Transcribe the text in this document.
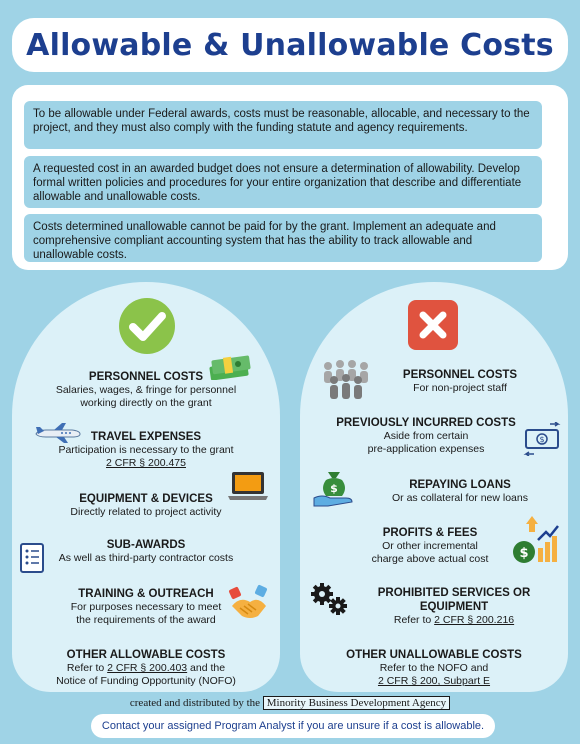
Allowable & Unallowable Costs
To be allowable under Federal awards, costs must be reasonable, allocable, and necessary to the project, and they must also comply with the funding statute and agency requirements.
A requested cost in an awarded budget does not ensure a determination of allowability. Develop formal written policies and procedures for your entire organization that describe and differentiate allowable and unallowable costs.
Costs determined unallowable cannot be paid for by the grant. Implement an adequate and comprehensive compliant accounting system that has the ability to track allowable and unallowable costs.
PERSONNEL COSTS
Salaries, wages, & fringe for personnel
working directly on the grant
TRAVEL EXPENSES
Participation is necessary to the grant
2 CFR § 200.475
EQUIPMENT & DEVICES
Directly related to project activity
SUB-AWARDS
As well as third-party contractor costs
TRAINING & OUTREACH
For purposes necessary to meet
the requirements of the award
OTHER ALLOWABLE COSTS
Refer to 2 CFR § 200.403 and the
Notice of Funding Opportunity (NOFO)
PERSONNEL COSTS
For non-project staff
PREVIOUSLY INCURRED COSTS
Aside from certain
pre-application expenses
$
$	REPAYING LOANS
Or as collateral for new loans
PROFITS & FEES
Or other incremental
charge above actual cost	$
PROHIBITED SERVICES OR
EQUIPMENT
Refer to 2 CFR § 200.216
OTHER UNALLOWABLE COSTS
Refer to the NOFO and
2 CFR § 200, Subpart E
created and distributed by the Minority Business Development Agency
Contact your assigned Program Analyst if you are unsure if a cost is allowable.
